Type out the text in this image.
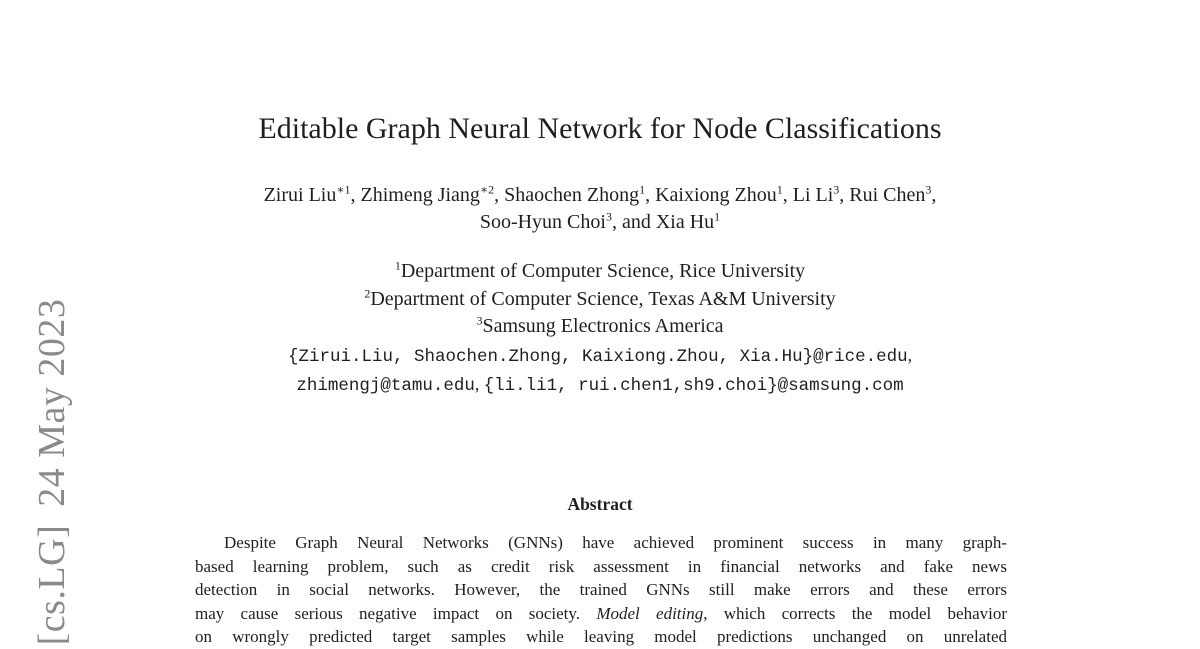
[cs.LG]24 May 2023
Editable Graph Neural Network for Node Classifications
Zirui Liu$^{∗1}$, Zhimeng Jiang$^{∗2}$, Shaochen Zhong$^1$, Kaixiong Zhou$^1$, Li Li$^3$, Rui Chen$^3$,
Soo-Hyun Choi$^3$, and Xia Hu$^1$
$^1$Department of Computer Science, Rice University
$^2$Department of Computer Science, Texas A&M University
$^3$Samsung Electronics America
{Zirui.Liu, Shaochen.Zhong, Kaixiong.Zhou, Xia.Hu}@rice.edu,
zhimengj@tamu.edu, {li.li1, rui.chen1,sh9.choi}@samsung.com
Abstract
Despite Graph Neural Networks (GNNs) have achieved prominent success in many graph-
based learning problem, such as credit risk assessment in financial networks and fake news
detection in social networks. However, the trained GNNs still make errors and these errors
may cause serious negative impact on society. Model editing, which corrects the model behavior
on wrongly predicted target samples while leaving model predictions unchanged on unrelated
